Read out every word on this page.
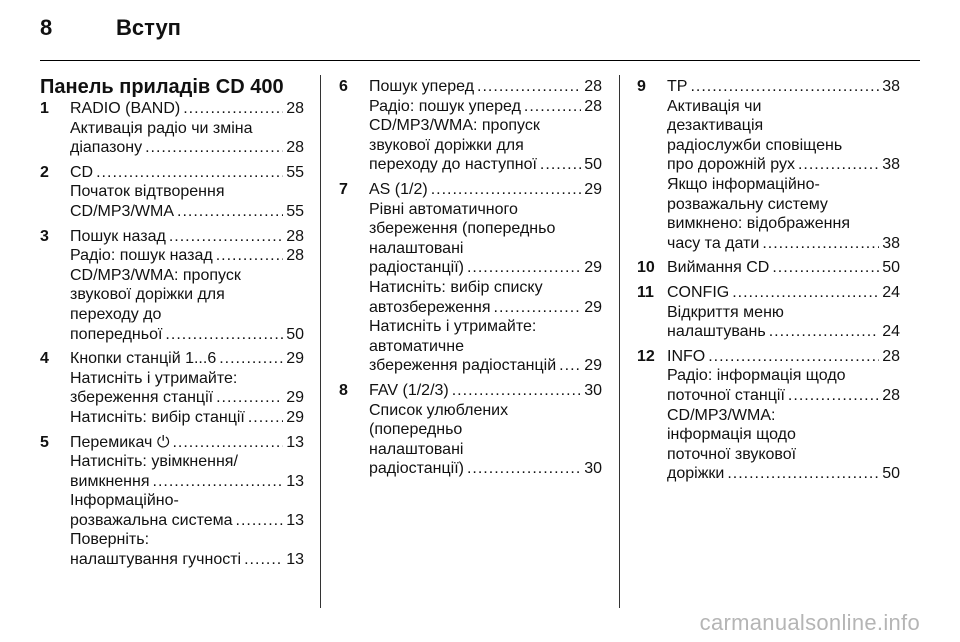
8	Вступ
Панель приладів CD 400
1	RADIO (BAND) .....	28
Активація радіо чи зміна
діапазону .....	28
2	CD .....	55
Початок відтворення
CD/MP3/WMA .....	55
3	Пошук назад .....	28
Радіо: пошук назад .....	28
CD/MP3/WMA: пропуск
звукової доріжки для
переходу до
попередньої .....	50
4	Кнопки станцій 1...6 .....	29
Натисніть і утримайте:
збереження станції .....	29
Натисніть: вибір станції .....	29
5	Перемикач ⏻ .....	13
Натисніть: увімкнення/
вимкнення .....	13
Інформаційно-
розважальна система .....	13
Поверніть:
налаштування гучності .....	13
6	Пошук уперед .....	28
Радіо: пошук уперед .....	28
CD/MP3/WMA: пропуск
звукової доріжки для
переходу до наступної .....	50
7	AS (1/2) .....	29
Рівні автоматичного
збереження (попередньо
налаштовані
радіостанції) .....	29
Натисніть: вибір списку
автозбереження .....	29
Натисніть і утримайте:
автоматичне
збереження радіостанцій ..... 29
8	FAV (1/2/3) .....	30
Список улюблених
(попередньо
налаштовані
радіостанції) .....	30
9	TP .....	38
Активація чи
дезактивація
радіослужби сповіщень
про дорожній рух .....	38
Якщо інформаційно-
розважальну систему
вимкнено: відображення
часу та дати .....	38
10 Виймання CD .....	50
11 CONFIG .....	24
Відкриття меню
налаштувань .....	24
12 INFO .....	28
Радіо: інформація щодо
поточної станції .....	28
CD/MP3/WMA:
інформація щодо
поточної звукової
доріжки .....	50
carmanualsonline.info
